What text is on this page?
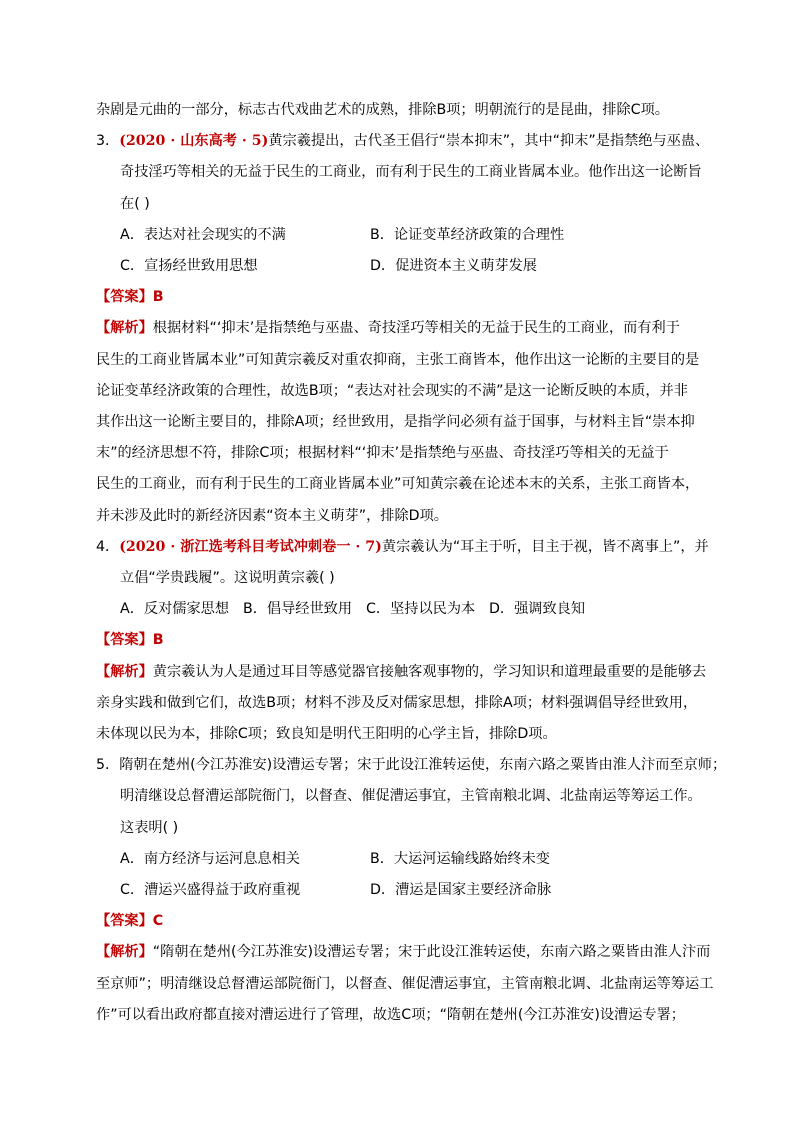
杂剧是元曲的一部分，标志古代戏曲艺术的成熟，排除B项；明朝流行的是昆曲，排除C项。
3．(2020 · 山东高考 · 5)黄宗羲提出，古代圣王倡行“崇本抑末”，其中“抑末”是指禁绝与巫蛊、
奇技淫巧等相关的无益于民生的工商业，而有利于民生的工商业皆属本业。他作出这一论断旨
在( )
A．表达对社会现实的不满	B．论证变革经济政策的合理性
C．宣扬经世致用思想	D．促进资本主义萌芽发展
【答案】B
【解析】根据材料“‘抑末’是指禁绝与巫蛊、奇技淫巧等相关的无益于民生的工商业，而有利于
民生的工商业皆属本业”可知黄宗羲反对重农抑商，主张工商皆本，他作出这一论断的主要目的是
论证变革经济政策的合理性，故选B项；“表达对社会现实的不满”是这一论断反映的本质，并非
其作出这一论断主要目的，排除A项；经世致用，是指学问必须有益于国事，与材料主旨“崇本抑
末”的经济思想不符，排除C项；根据材料“‘抑末’是指禁绝与巫蛊、奇技淫巧等相关的无益于
民生的工商业，而有利于民生的工商业皆属本业”可知黄宗羲在论述本末的关系，主张工商皆本，
并未涉及此时的新经济因素“资本主义萌芽”，排除D项。
4．(2020 · 浙江选考科目考试冲刺卷一 · 7)黄宗羲认为“耳主于听，目主于视，皆不离事上”，并
立倡“学贵践履”。这说明黄宗羲( )
A．反对儒家思想 B．倡导经世致用 C．坚持以民为本 D．强调致良知
【答案】B
【解析】黄宗羲认为人是通过耳目等感觉器官接触客观事物的，学习知识和道理最重要的是能够去
亲身实践和做到它们，故选B项；材料不涉及反对儒家思想，排除A项；材料强调倡导经世致用，
未体现以民为本，排除C项；致良知是明代王阳明的心学主旨，排除D项。
5．隋朝在楚州(今江苏淮安)设漕运专署；宋于此设江淮转运使，东南六路之粟皆由淮人汴而至京师；
明清继设总督漕运部院衙门，以督查、催促漕运事宜，主管南粮北调、北盐南运等筹运工作。
这表明( )
A．南方经济与运河息息相关	B．大运河运输线路始终未变
C．漕运兴盛得益于政府重视	D．漕运是国家主要经济命脉
【答案】C
【解析】“隋朝在楚州(今江苏淮安)设漕运专署；宋于此设江淮转运使，东南六路之粟皆由淮人汴而
至京师”；明清继设总督漕运部院衙门，以督查、催促漕运事宜，主管南粮北调、北盐南运等筹运工
作”可以看出政府都直接对漕运进行了管理，故选C项；“隋朝在楚州(今江苏淮安)设漕运专署；
